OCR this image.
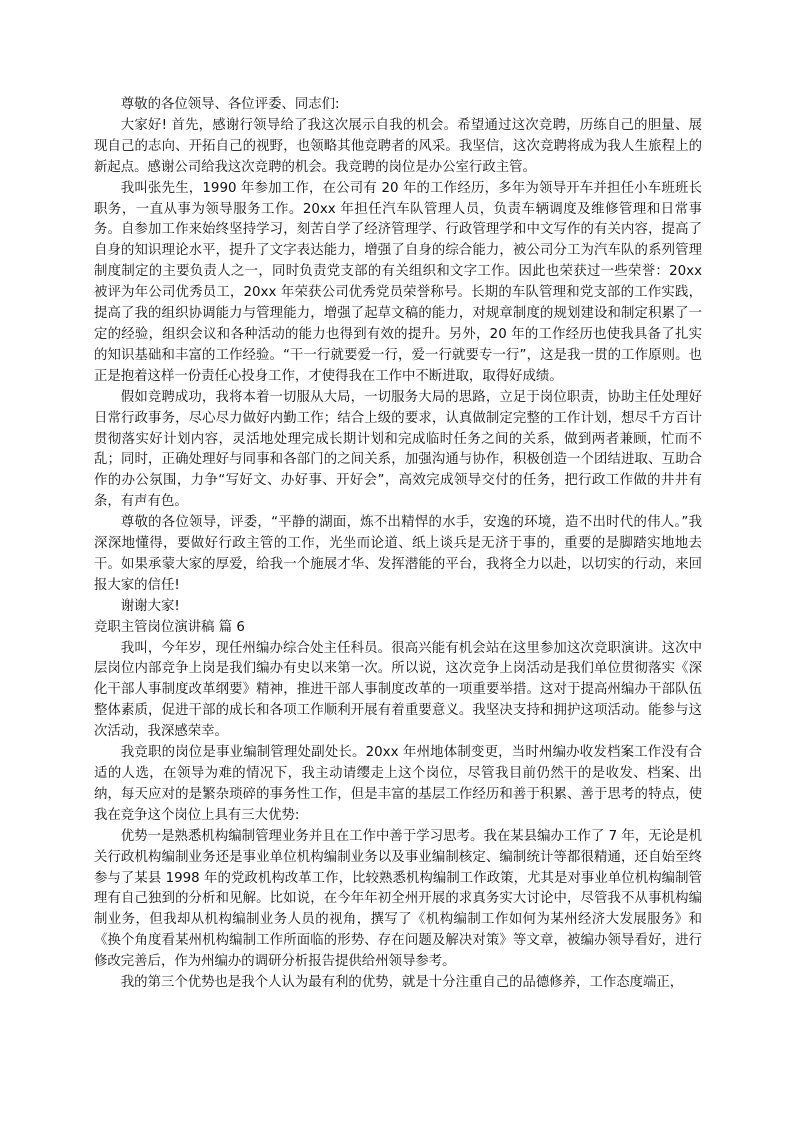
尊敬的各位领导、各位评委、同志们:

大家好! 首先，感谢行领导给了我这次展示自我的机会。希望通过这次竞聘，历练自己的胆量、展现自己的志向、开拓自己的视野，也领略其他竞聘者的风采。我坚信，这次竞聘将成为我人生旅程上的新起点。感谢公司给我这次竞聘的机会。我竞聘的岗位是办公室行政主管。

我叫张先生，1990 年参加工作，在公司有 20 年的工作经历，多年为领导开车并担任小车班班长职务，一直从事为领导服务工作。20xx 年担任汽车队管理人员，负责车辆调度及维修管理和日常事务。自参加工作来始终坚持学习，刻苦自学了经济管理学、行政管理学和中文写作的有关内容，提高了自身的知识理论水平，提升了文字表达能力，增强了自身的综合能力，被公司分工为汽车队的系列管理制度制定的主要负责人之一，同时负责党支部的有关组织和文字工作。因此也荣获过一些荣誉：20xx 被评为年公司优秀员工，20xx 年荣获公司优秀党员荣誉称号。长期的车队管理和党支部的工作实践，提高了我的组织协调能力与管理能力，增强了起草文稿的能力，对规章制度的规划建设和制定积累了一定的经验，组织会议和各种活动的能力也得到有效的提升。另外，20 年的工作经历也使我具备了扎实的知识基础和丰富的工作经验。“干一行就要爱一行，爱一行就要专一行”，这是我一贯的工作原则。也正是抱着这样一份责任心投身工作，才使得我在工作中不断进取，取得好成绩。

假如竞聘成功，我将本着一切服从大局，一切服务大局的思路，立足于岗位职责，协助主任处理好日常行政事务，尽心尽力做好内勤工作；结合上级的要求，认真做制定完整的工作计划，想尽千方百计贯彻落实好计划内容，灵活地处理完成长期计划和完成临时任务之间的关系，做到两者兼顾，忙而不乱；同时，正确处理好与同事和各部门的之间关系，加强沟通与协作，积极创造一个团结进取、互助合作的办公氛围，力争“写好文、办好事、开好会”，高效完成领导交付的任务，把行政工作做的井井有条，有声有色。

尊敬的各位领导，评委，“平静的湖面，炼不出精悍的水手，安逸的环境，造不出时代的伟人。”我深深地懂得，要做好行政主管的工作，光坐而论道、纸上谈兵是无济于事的，重要的是脚踏实地地去干。如果承蒙大家的厚爱，给我一个施展才华、发挥潜能的平台，我将全力以赴，以切实的行动，来回报大家的信任!

谢谢大家!

竞职主管岗位演讲稿 篇 6

我叫，今年岁，现任州编办综合处主任科员。很高兴能有机会站在这里参加这次竞职演讲。这次中层岗位内部竞争上岗是我们编办有史以来第一次。所以说，这次竞争上岗活动是我们单位贯彻落实《深化干部人事制度改革纲要》精神，推进干部人事制度改革的一项重要举措。这对于提高州编办干部队伍整体素质，促进干部的成长和各项工作顺利开展有着重要意义。我坚决支持和拥护这项活动。能参与这次活动，我深感荣幸。

我竞职的岗位是事业编制管理处副处长。20xx 年州地体制变更，当时州编办收发档案工作没有合适的人选，在领导为难的情况下，我主动请缨走上这个岗位，尽管我目前仍然干的是收发、档案、出纳，每天应对的是繁杂琐碎的事务性工作，但是丰富的基层工作经历和善于积累、善于思考的特点，使我在竞争这个岗位上具有三大优势:

优势一是熟悉机构编制管理业务并且在工作中善于学习思考。我在某县编办工作了 7 年，无论是机关行政机构编制业务还是事业单位机构编制业务以及事业编制核定、编制统计等都很精通，还自始至终参与了某县 1998 年的党政机构改革工作，比较熟悉机构编制工作政策，尤其是对事业单位机构编制管理有自己独到的分析和见解。比如说，在今年年初全州开展的求真务实大讨论中，尽管我不从事机构编制业务，但我却从机构编制业务人员的视角，撰写了《机构编制工作如何为某州经济大发展服务》和《换个角度看某州机构编制工作所面临的形势、存在问题及解决对策》等文章，被编办领导看好，进行修改完善后，作为州编办的调研分析报告提供给州领导参考。

我的第三个优势也是我个人认为最有利的优势，就是十分注重自己的品德修养，工作态度端正，
